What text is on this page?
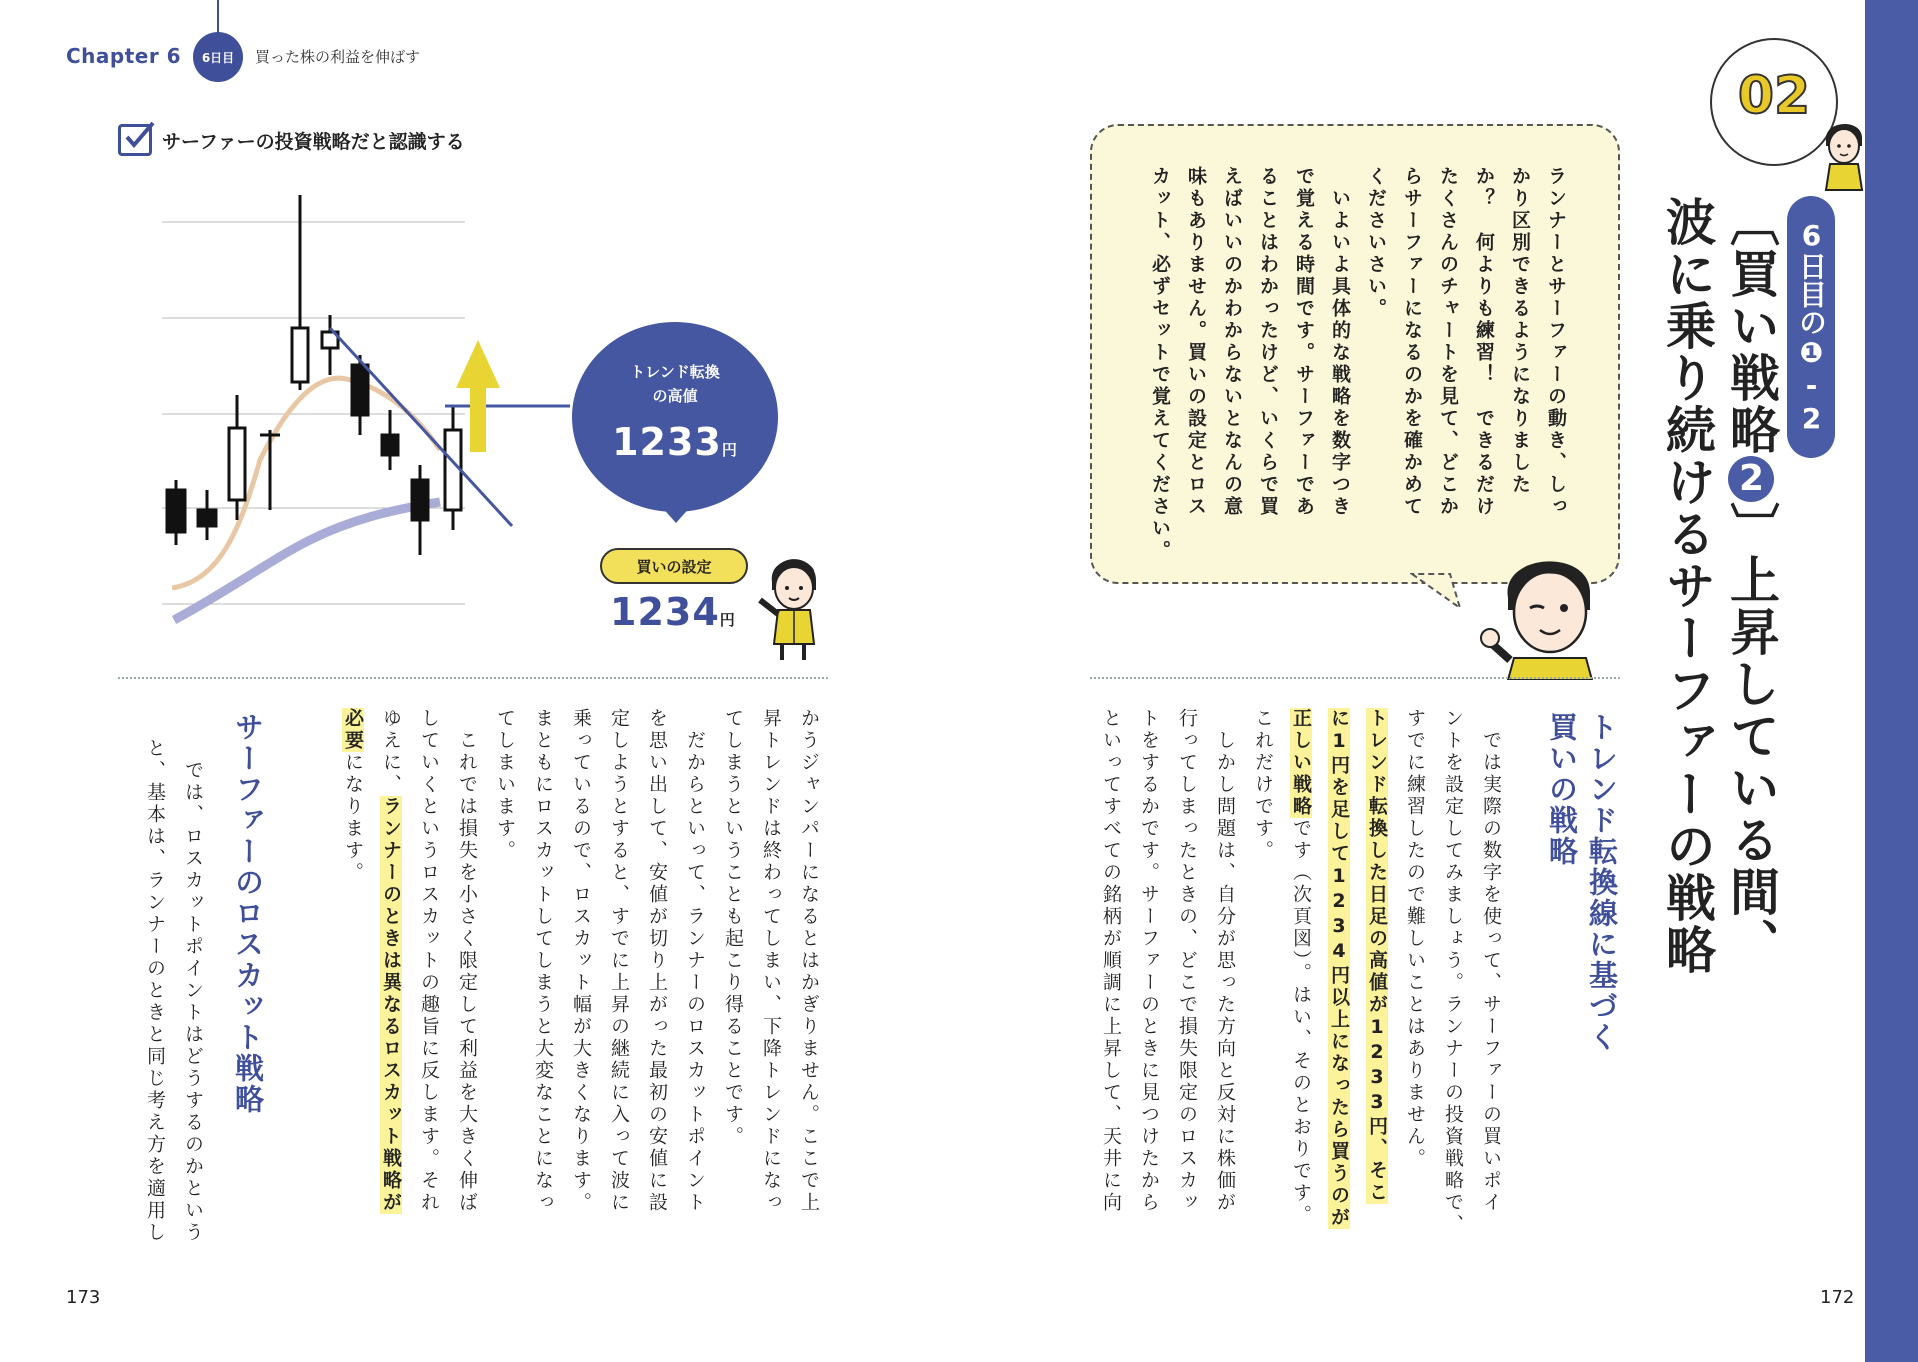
Chapter 6	6日目	買った株の利益を伸ばす
サーファーの投資戦略だと認識する
トレンド転換
の高値
1233円
買いの設定
1234円
かうジャンパーになるとはかぎりません。ここで上
昇トレンドは終わってしまい、下降トレンドになっ
てしまうということも起こり得ることです。
　だからといって、ランナーのロスカットポイント
を思い出して、安値が切り上がった最初の安値に設
定しようとすると、すでに上昇の継続に入って波に
乗っているので、ロスカット幅が大きくなります。
まともにロスカットしてしまうと大変なことになっ
てしまいます。
　これでは損失を小さく限定して利益を大きく伸ば
していくというロスカットの趣旨に反します。それ
ゆえに、ランナーのときは異なるロスカット戦略が
必要になります。
サーファーのロスカット戦略
　では、ロスカットポイントはどうするのかという
と、基本は、ランナーのときと同じ考え方を適用し
173
02
6日目の❶-2
〔買い戦略2〕上昇している間、
波に乗り続けるサーファーの戦略
ランナーとサーファーの動き、しっ
かり区別できるようになりました
か？　何よりも練習！　できるだけ
たくさんのチャートを見て、どこか
らサーファーになるのかを確かめて
くださいさい。
　いよいよ具体的な戦略を数字つき
で覚える時間です。サーファーであ
ることはわかったけど、いくらで買
えばいいのかわからないとなんの意
味もありません。買いの設定とロス
カット、必ずセットで覚えてください。
トレンド転換線に基づく
買いの戦略
　では実際の数字を使って、サーファーの買いポイ
ントを設定してみましょう。ランナーの投資戦略で、
すでに練習したので難しいことはありません。
トレンド転換した日足の高値が1233円、そこ
に1円を足して1234円以上になったら買うのが
正しい戦略です（次頁図）。はい、そのとおりです。
これだけです。
　しかし問題は、自分が思った方向と反対に株価が
行ってしまったときの、どこで損失限定のロスカッ
トをするかです。サーファーのときに見つけたから
といってすべての銘柄が順調に上昇して、天井に向
172
